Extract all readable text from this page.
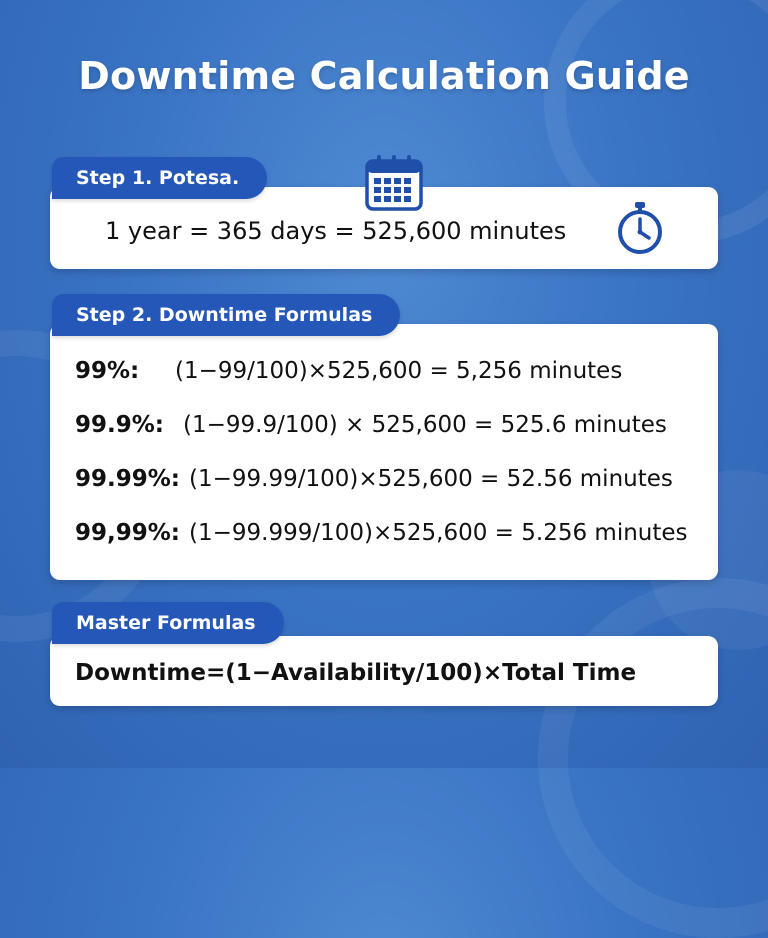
Downtime Calculation Guide
Step 1. Potesa.
1 year = 365 days = 525,600 minutes
Step 2. Downtime Formulas
99%:	(1−99/100)×525,600 = 5,256 minutes
99.9%: (1−99.9/100) × 525,600 = 525.6 minutes
99.99%: (1−99.99/100)×525,600 = 52.56 minutes
99,99%: (1−99.999/100)×525,600 = 5.256 minutes
Master Formulas
Downtime=(1−Availability/100)×Total Time
